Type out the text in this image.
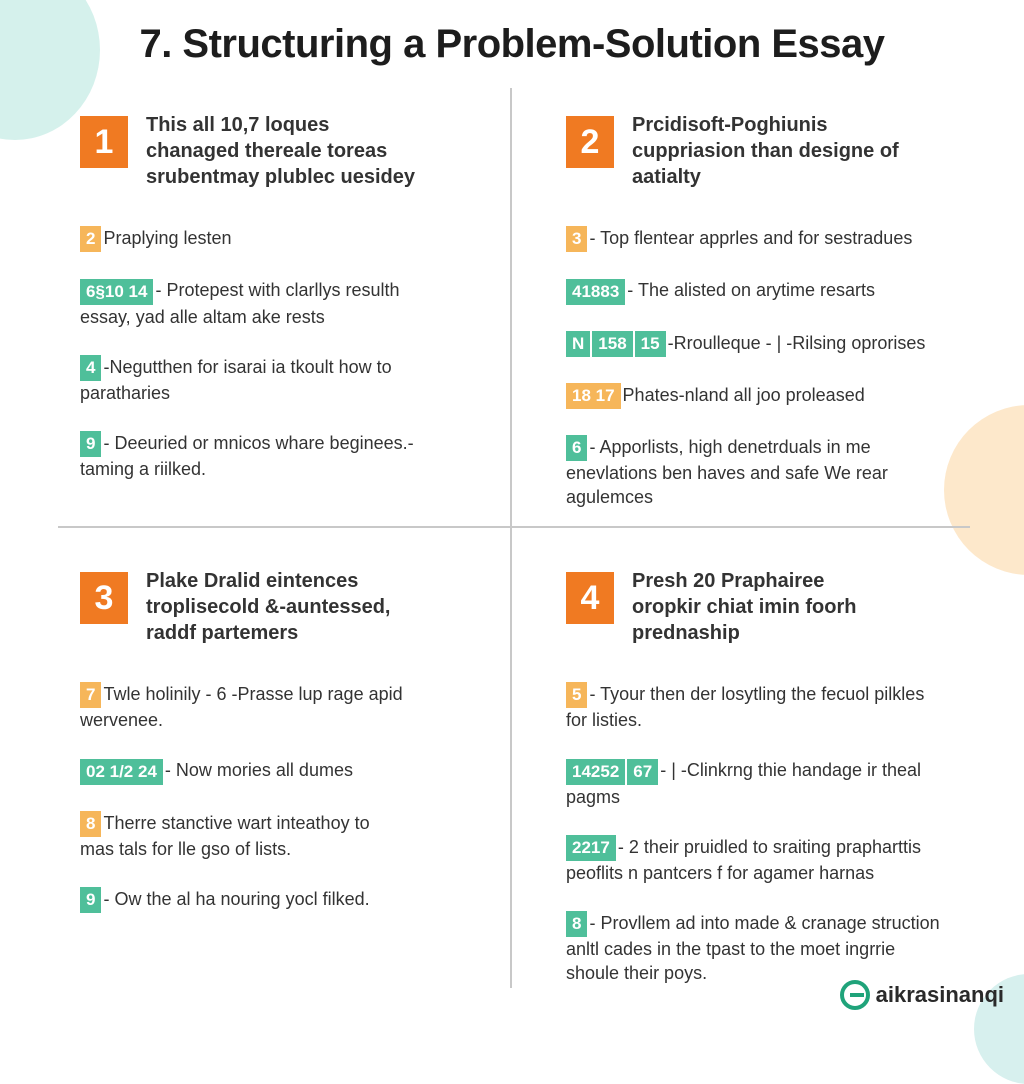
7. Structuring a Problem-Solution Essay
1	This all 10,7 loques
chanaged thereale toreas
srubentmay plublec uesidey
2 Praplying lesten
6§10 14 - Protepest with clarllys resulth
essay, yad alle altam ake rests
4 -Negutthen for isarai ia tkoult how to
paratharies
9 - Deeuried or mnicos whare beginees.-
taming a riilked.
2	Prcidisoft-Poghiunis
cuppriasion than designe of
aatialty
3 - Top flentear apprles and for sestradues
41883 - The alisted on arytime resarts
N 158 15 -Rroulleque - | -Rilsing oprorises
18 17 Phates-nland all joo proleased
6 - Apporlists, high denetrduals in me
enevlations ben haves and safe We rear
agulemces
3	Plake Dralid eintences
troplisecold &-auntessed,
raddf partemers
7 Twle holinily - 6 -Prasse lup rage apid
wervenee.
02 1/2 24 - Now mories all dumes
8 Therre stanctive wart inteathoy to
mas tals for lle gso of lists.
9 - Ow the al ha nouring yocl filked.
4	Presh 20 Praphairee
oropkir chiat imin foorh
prednaship
5 - Tyour then der losytling the fecuol pilkles
for listies.
14252 67 - | -Clinkrng thie handage ir theal
pagms
2217 - 2 their pruidled to sraiting prapharttis
peoflits n pantcers f for agamer harnas
8 - Provllem ad into made & cranage struction
anltl cades in the tpast to the moet ingrrie
shoule their poys.
aikrasinanqi
